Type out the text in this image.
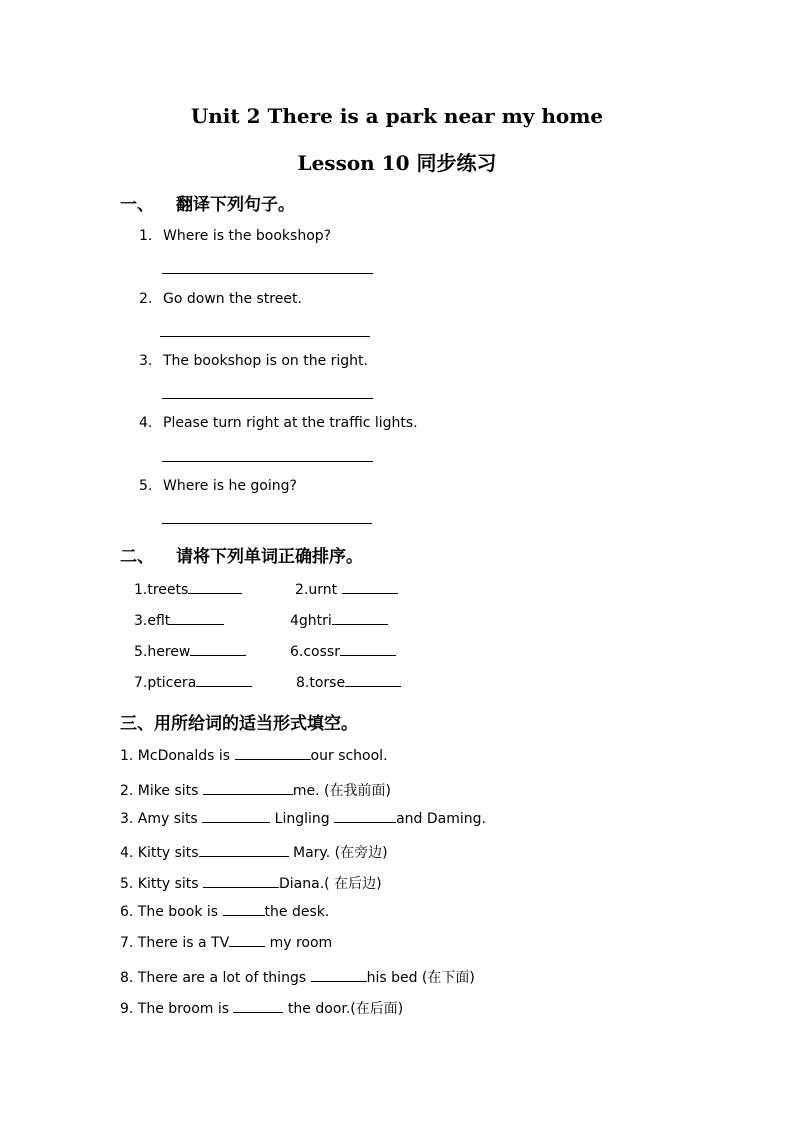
Unit 2 There is a park near my home
Lesson 10 同步练习
一、 翻译下列句子。
1. Where is the bookshop?
2. Go down the street.
3. The bookshop is on the right.
4. Please turn right at the traffic lights.
5. Where is he going?
二、 请将下列单词正确排序。
1.treets	2.urnt
3.eflt	4ghtri
5.herew	6.cossr
7.pticera	8.torse
三、用所给词的适当形式填空。
1. McDonalds is	our school.
2. Mike sits	me. (在我前面)
3. Amy sits	Lingling	and Daming.
4. Kitty sits	Mary. (在旁边)
5. Kitty sits	Diana.( 在后边)
6. The book is	the desk.
7. There is a TV	my room
8. There are a lot of things	his bed (在下面)
9. The broom is	the door.(在后面)
